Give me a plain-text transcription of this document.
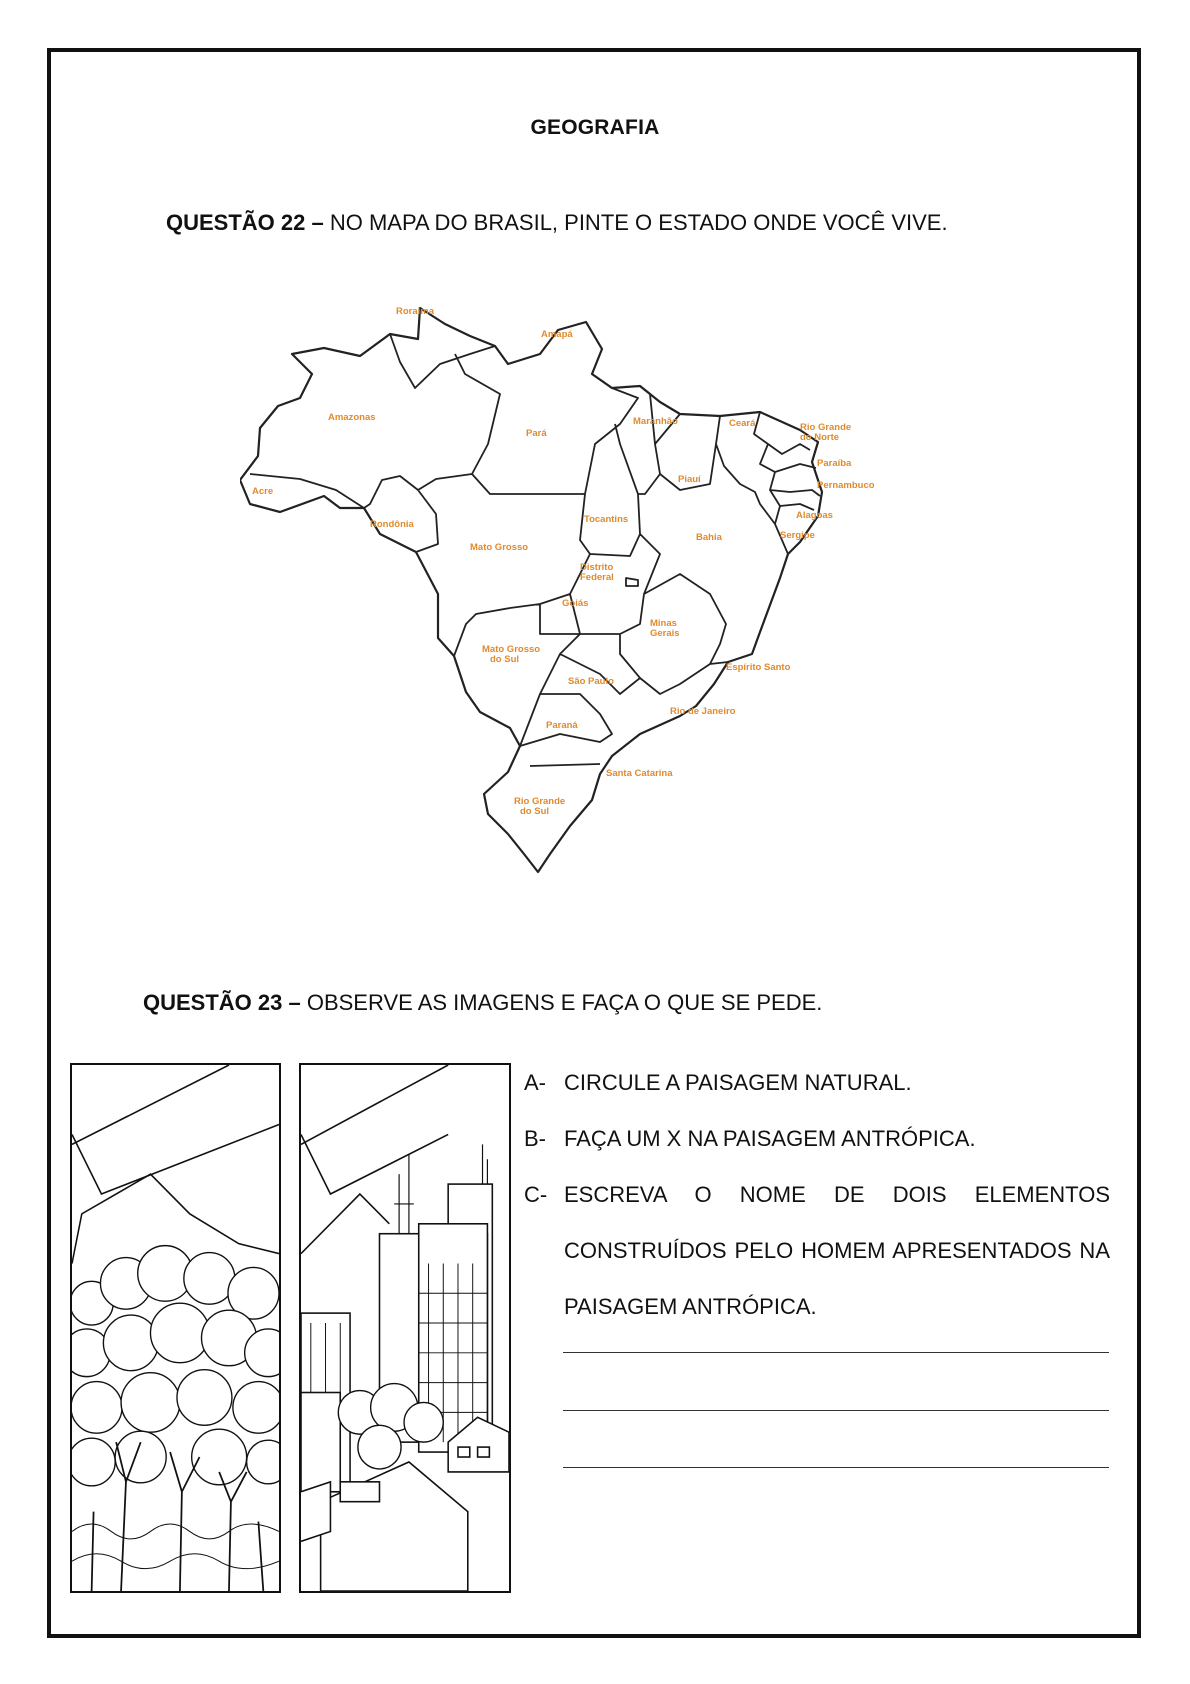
GEOGRAFIA
QUESTÃO 22 – NO MAPA DO BRASIL, PINTE O ESTADO ONDE VOCÊ VIVE.
Roraima
Amapá
Amazonas
Pará
Maranhão	Ceará	Rio Grande do Norte
Paraíba
Pernambuco
Acre
Piauí
Alagoas
Sergipe
Rondônia	Tocantins
Mato Grosso
Bahia
Distrito Federal
Goiás
Minas Gerais
Mato Grosso do Sul
Espírito Santo
São Paulo
Rio de Janeiro
Paraná
Santa Catarina
Rio Grande do Sul
QUESTÃO 23 – OBSERVE AS IMAGENS E FAÇA O QUE SE PEDE.
A- CIRCULE A PAISAGEM NATURAL.
B- FAÇA UM X NA PAISAGEM ANTRÓPICA.
C- ESCREVA O NOME DE DOIS ELEMENTOS CONSTRUÍDOS PELO HOMEM APRESENTADOS NA PAISAGEM ANTRÓPICA.
